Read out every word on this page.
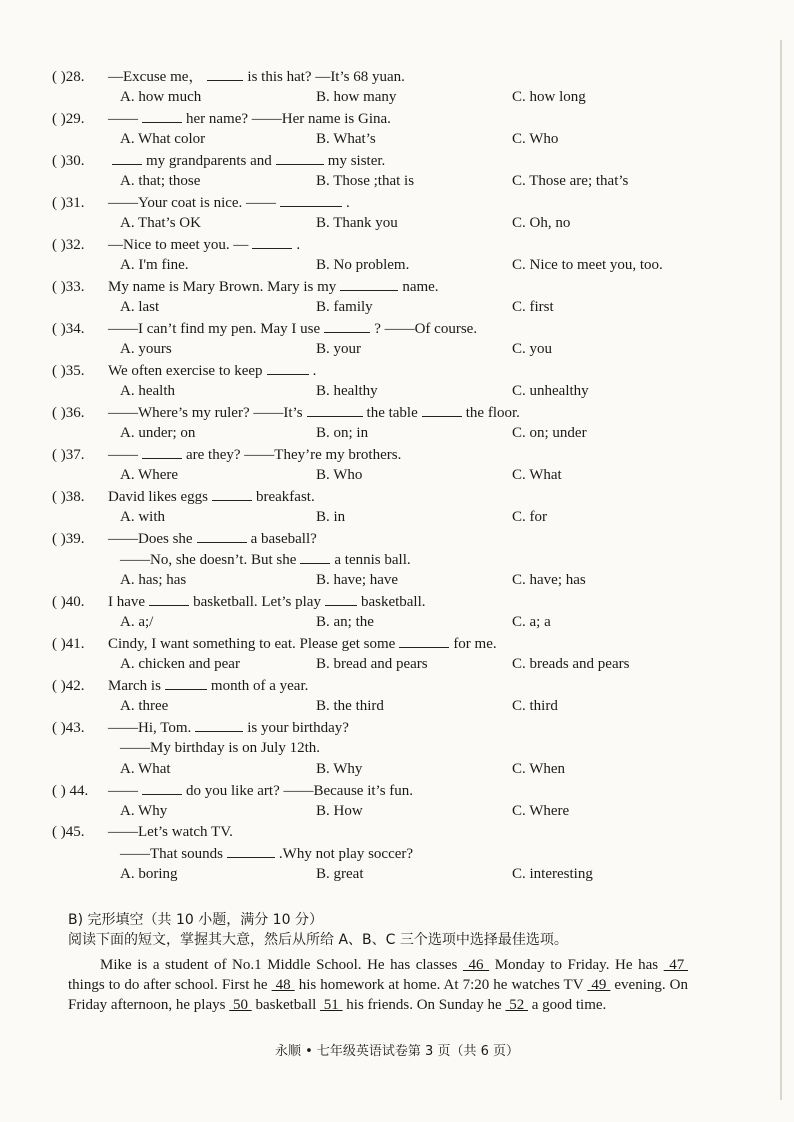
( )28.	—Excuse me，	is this hat? —It’s 68 yuan.
A. how much	B. how many	C. how long
( )29.	——	her name? ——Her name is Gina.
A. What color	B. What’s	C. Who
( )30.	my grandparents and	my sister.
A. that; those	B. Those ;that is	C. Those are; that’s
( )31.	——Your coat is nice. ——	.
A. That’s OK	B. Thank you	C. Oh, no
( )32.	—Nice to meet you. —	.
A. I'm fine.	B. No problem.	C. Nice to meet you, too.
( )33.	My name is Mary Brown. Mary is my	name.
A. last	B. family	C. first
( )34.	——I can’t find my pen. May I use	? ——Of course.
A. yours	B. your	C. you
( )35.	We often exercise to keep	.
A. health	B. healthy	C. unhealthy
( )36.	——Where’s my ruler? ——It’s	the table	the floor.
A. under; on	B. on; in	C. on; under
( )37.	——	are they? ——They’re my brothers.
A. Where	B. Who	C. What
( )38.	David likes eggs	breakfast.
A. with	B. in	C. for
( )39.	——Does she	a baseball?
——No, she doesn’t. But she	a tennis ball.
A. has; has	B. have; have	C. have; has
( )40.	I have	basketball. Let’s play	basketball.
A. a;/	B. an; the	C. a; a
( )41.	Cindy, I want something to eat. Please get some	for me.
A. chicken and pear	B. bread and pears	C. breads and pears
( )42.	March is	month of a year.
A. three	B. the third	C. third
( )43.	——Hi, Tom.	is your birthday?
——My birthday is on July 12th.
A. What	B. Why	C. When
( ) 44.	——	do you like art? ——Because it’s fun.
A. Why	B. How	C. Where
( )45.	——Let’s watch TV.
——That sounds	.Why not play soccer?
A. boring	B. great	C. interesting
B) 完形填空（共 10 小题，满分 10 分）
阅读下面的短文，掌握其大意，然后从所给 A、B、C 三个选项中选择最佳选项。
Mike is a student of No.1 Middle School. He has classes  46  Monday to Friday. He has  47  things to do after school. First he  48  his homework at home. At 7:20 he watches TV  49  evening. On Friday afternoon, he plays  50  basketball  51  his friends. On Sunday he  52  a good time.
永顺 • 七年级英语试卷第 3 页（共 6 页）
